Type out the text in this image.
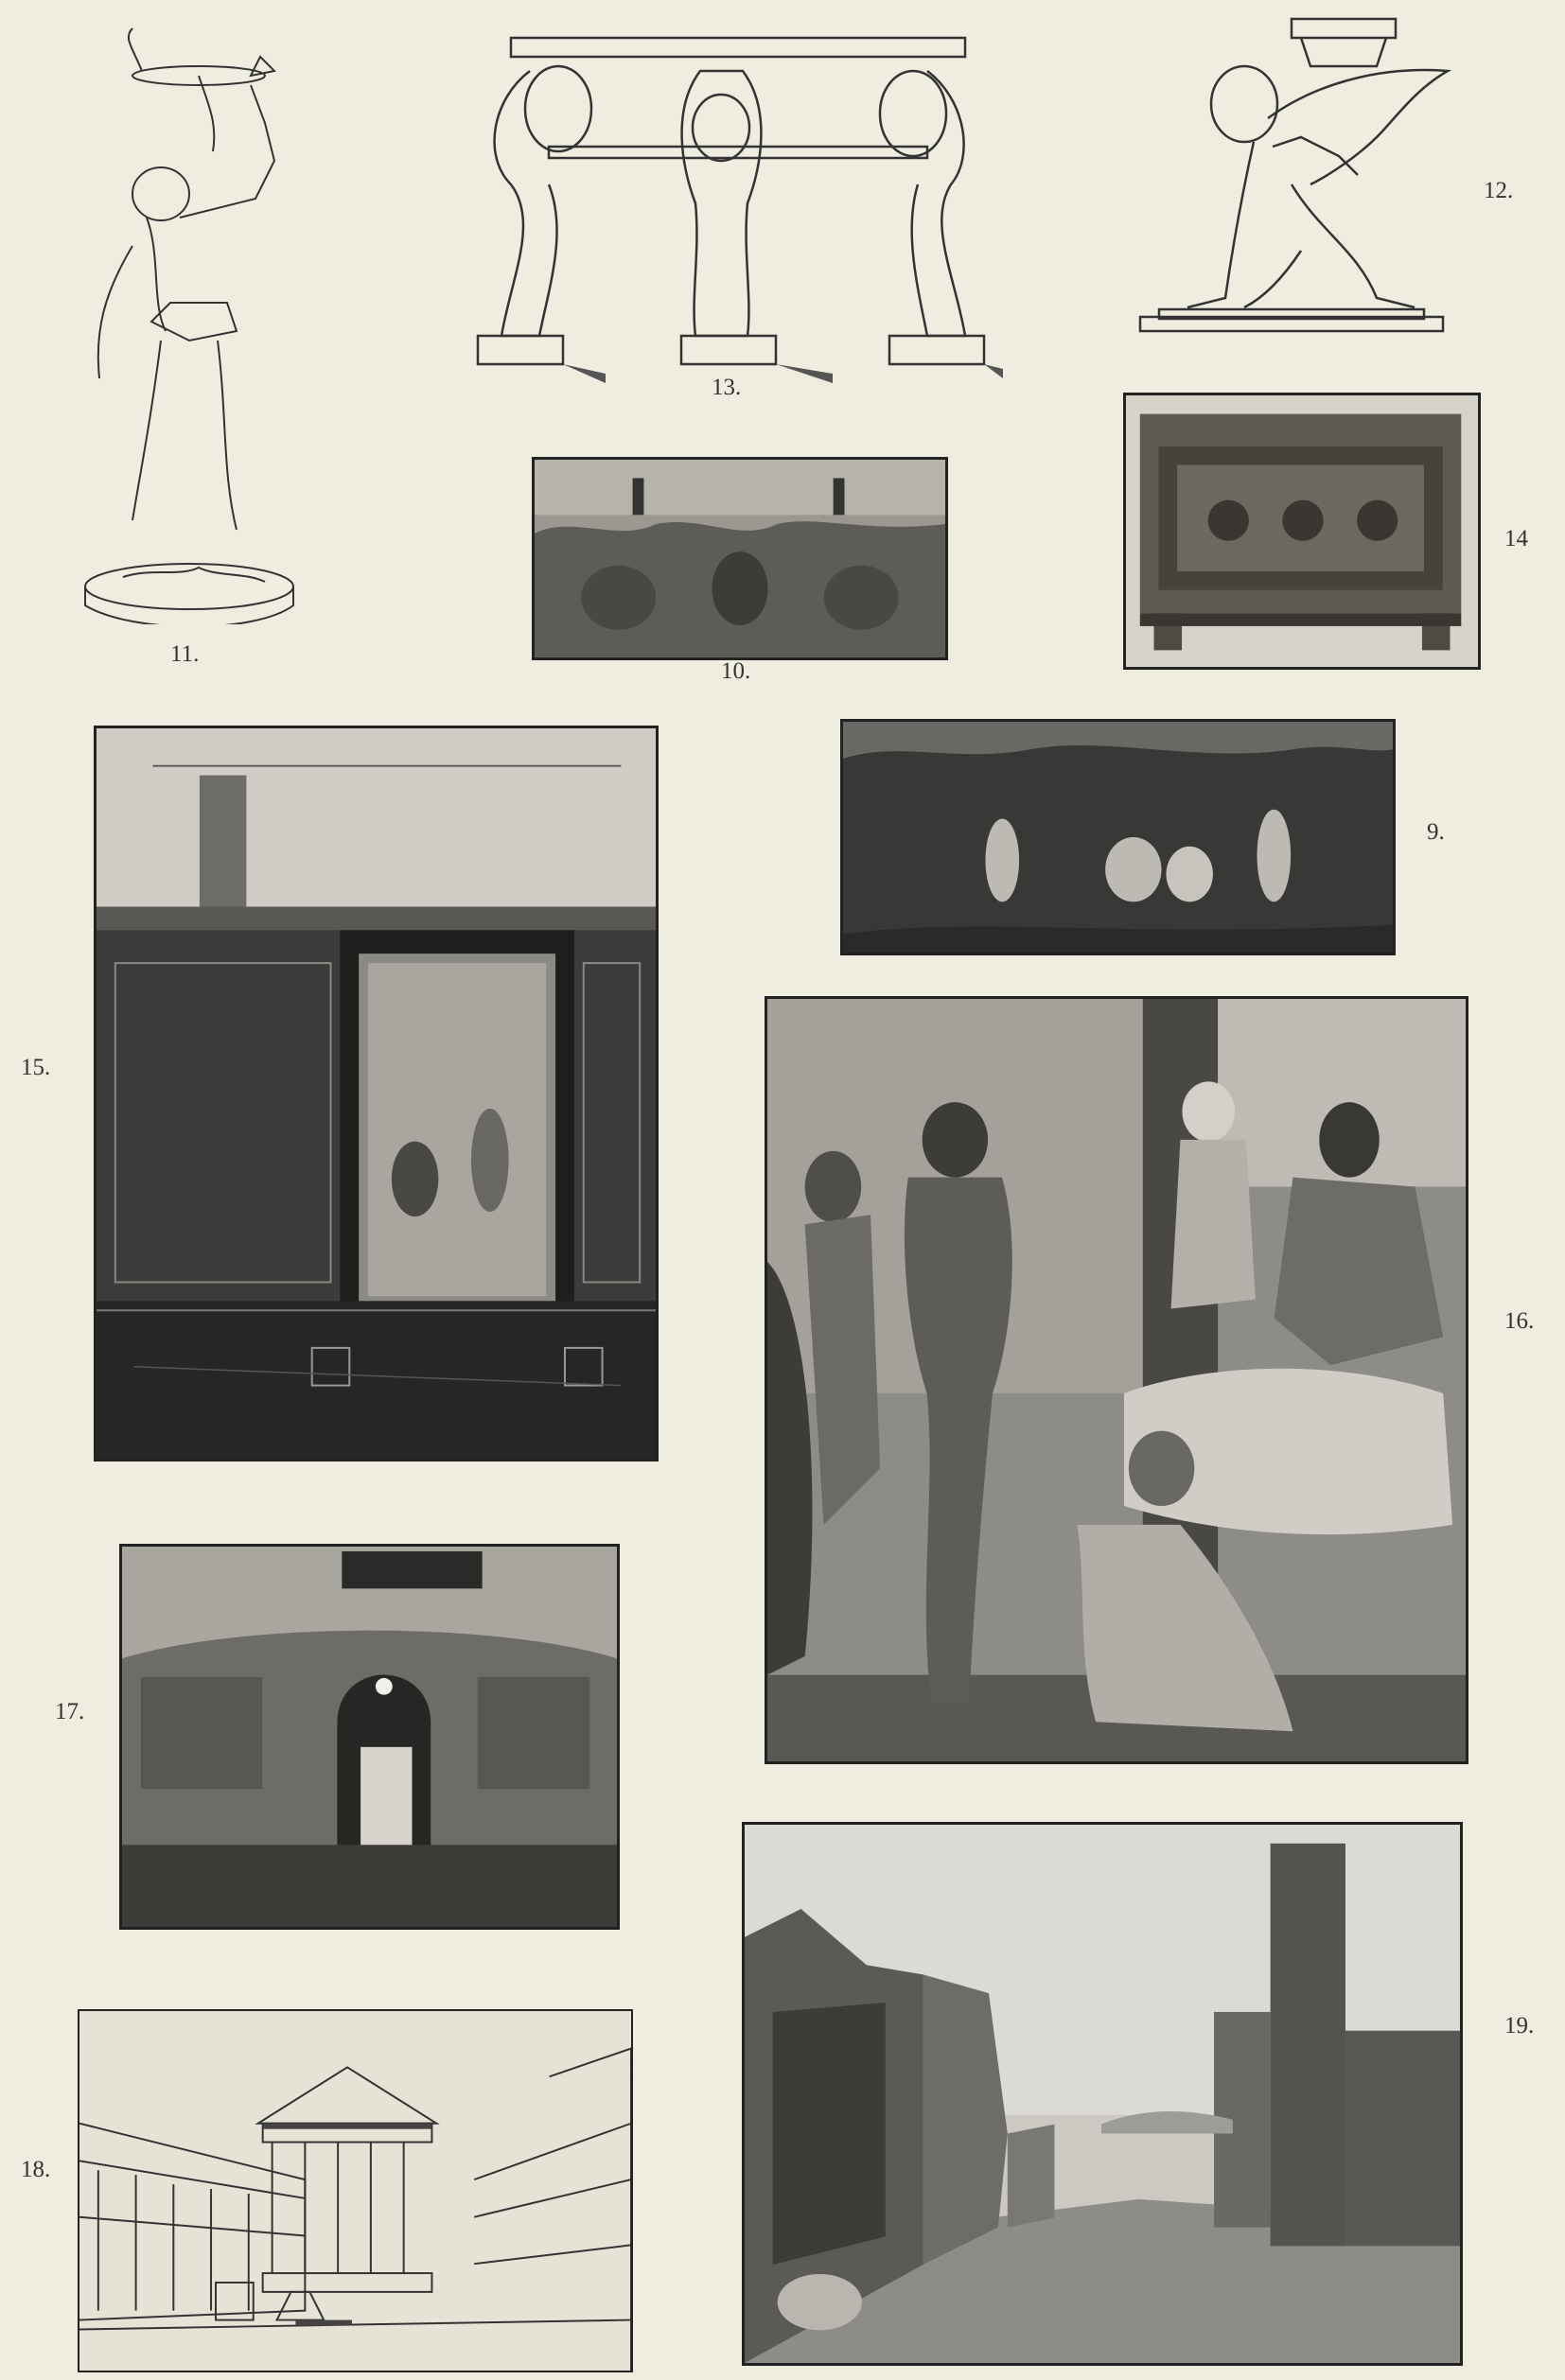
11.
13.
12.
10.
14
15.
9.
16.
17.
18.
19.
